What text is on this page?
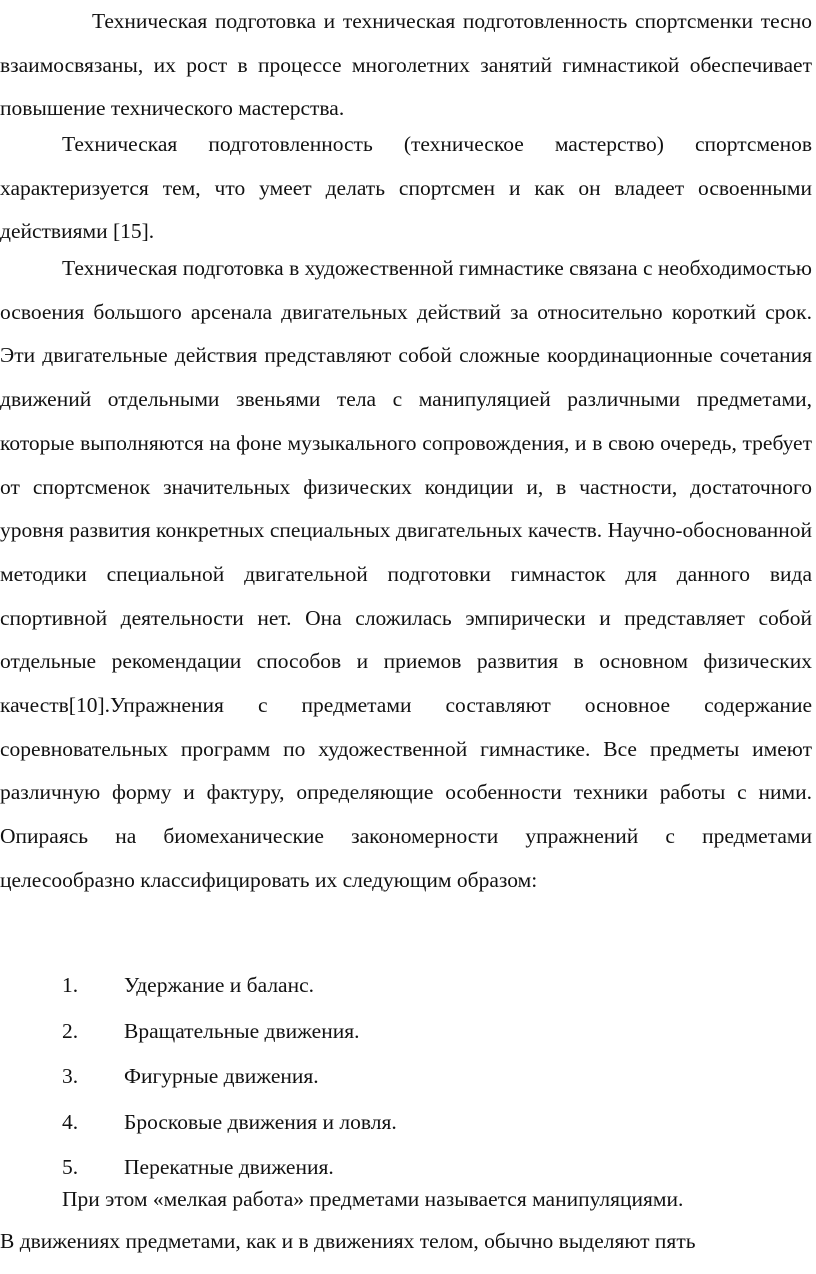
Техническая подготовка и техническая подготовленность спортсменки тесно взаимосвязаны, их рост в процессе многолетних занятий гимнастикой обеспечивает повышение технического мастерства.

Техническая подготовленность (техническое мастерство) спортсменов характеризуется тем, что умеет делать спортсмен и как он владеет освоенными действиями [15].

Техническая подготовка в художественной гимнастике связана с необходимостью освоения большого арсенала двигательных действий за относительно короткий срок. Эти двигательные действия представляют собой сложные координационные сочетания движений отдельными звеньями тела с манипуляцией различными предметами, которые выполняются на фоне музыкального сопровождения, и в свою очередь, требует от спортсменок значительных физических кондиции и, в частности, достаточного уровня развития конкретных специальных двигательных качеств. Научно-обоснованной методики специальной двигательной подготовки гимнасток для данного вида спортивной деятельности нет. Она сложилась эмпирически и представляет собой отдельные рекомендации способов и приемов развития в основном физических качеств[10].Упражнения с предметами составляют основное содержание соревновательных программ по художественной гимнастике. Все предметы имеют различную форму и фактуру, определяющие особенности техники работы с ними. Опираясь на биомеханические закономерности упражнений с предметами целесообразно классифицировать их следующим образом:

1. Удержание и баланс.
2. Вращательные движения.
3. Фигурные движения.
4. Бросковые движения и ловля.
5. Перекатные движения.

При этом «мелкая работа» предметами называется манипуляциями.

В движениях предметами, как и в движениях телом, обычно выделяют пять
